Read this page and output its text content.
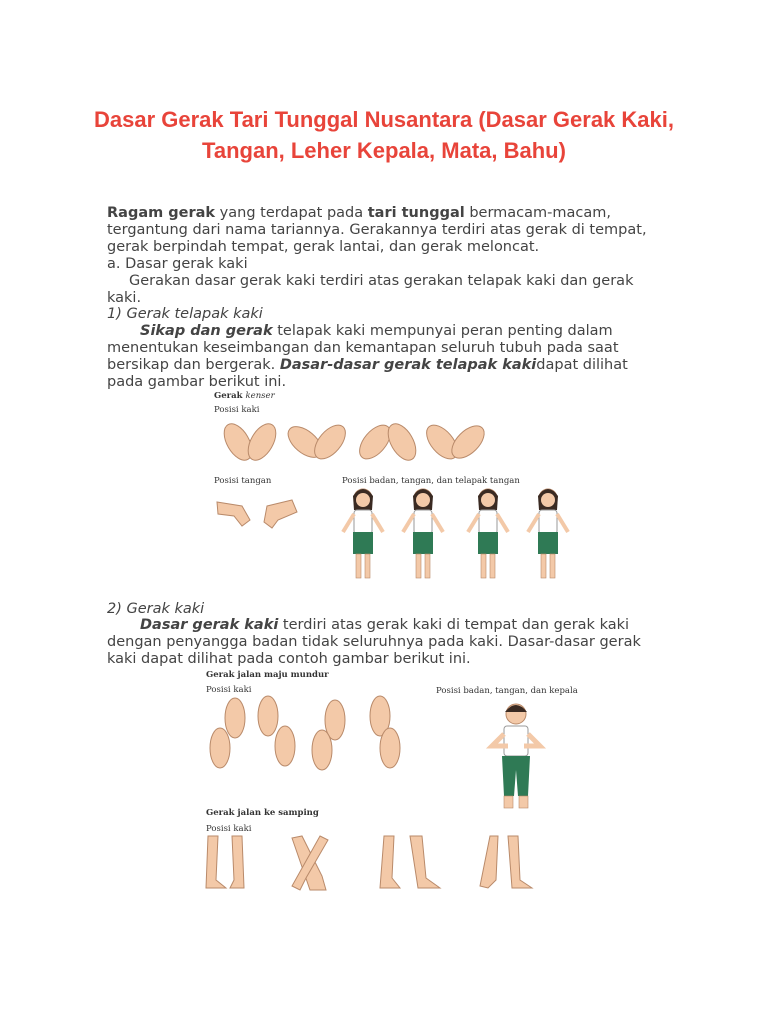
Dasar Gerak Tari Tunggal Nusantara (Dasar Gerak Kaki, Tangan, Leher Kepala, Mata, Bahu)
Ragam gerak yang terdapat pada tari tunggal bermacam-macam, tergantung dari nama tariannya. Gerakannya terdiri atas gerak di tempat, gerak berpindah tempat, gerak lantai, dan gerak meloncat.
a. Dasar gerak kaki
Gerakan dasar gerak kaki terdiri atas gerakan telapak kaki dan gerak kaki.
1) Gerak telapak kaki
Sikap dan gerak telapak kaki mempunyai peran penting dalam menentukan keseimbangan dan kemantapan seluruh tubuh pada saat bersikap dan bergerak. Dasar-dasar gerak telapak kakidapat dilihat pada gambar berikut ini.
Gerak kenser
Posisi kaki
Posisi tangan	Posisi badan, tangan, dan telapak tangan
2) Gerak kaki
Dasar gerak kaki terdiri atas gerak kaki di tempat dan gerak kaki dengan penyangga badan tidak seluruhnya pada kaki. Dasar-dasar gerak kaki dapat dilihat pada contoh gambar berikut ini.
Gerak jalan maju mundur
Posisi kaki	Posisi badan, tangan, dan kepala
Gerak jalan ke samping
Posisi kaki
